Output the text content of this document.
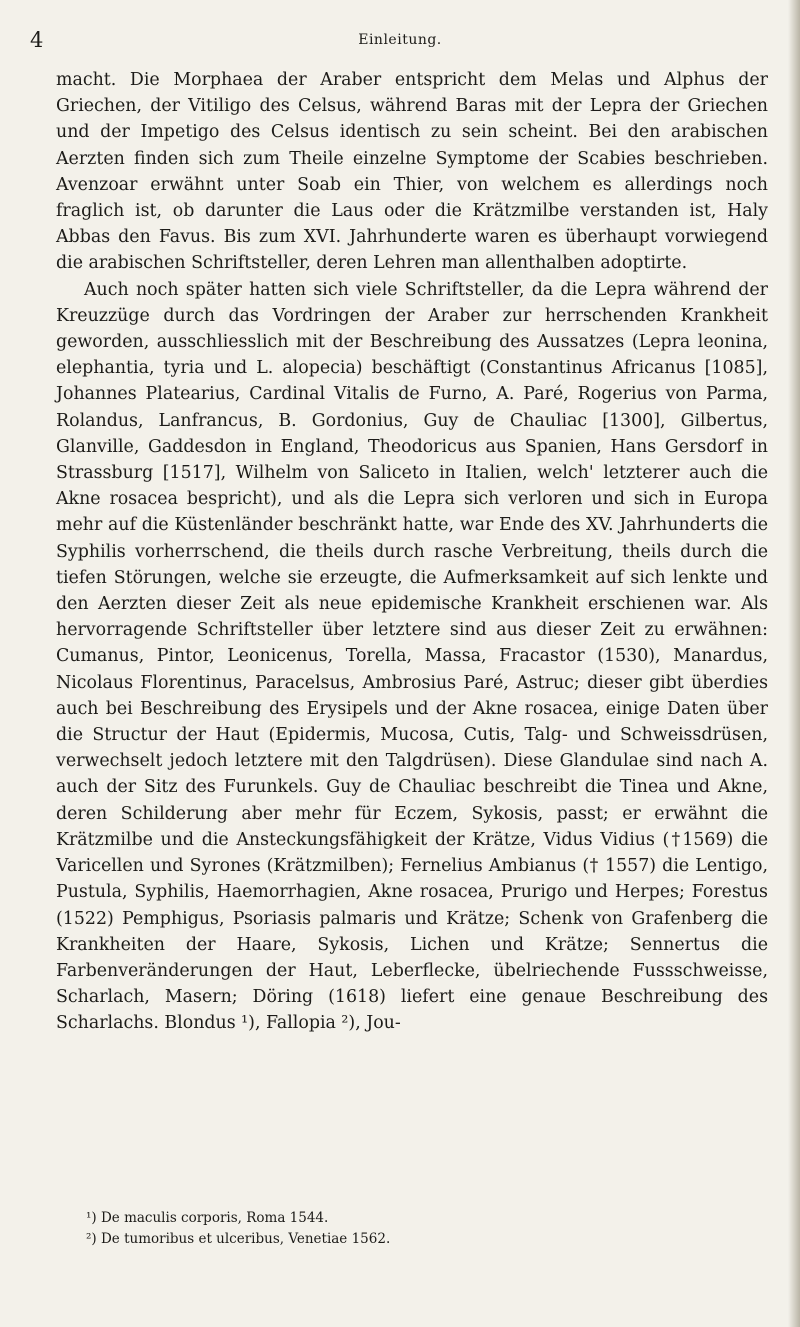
4	Einleitung.

macht. Die Morphaea der Araber entspricht dem Melas und Alphus der Griechen, der Vitiligo des Celsus, während Baras mit der Lepra der Griechen und der Impetigo des Celsus identisch zu sein scheint. Bei den arabischen Aerzten finden sich zum Theile einzelne Symptome der Scabies beschrieben. Avenzoar erwähnt unter Soab ein Thier, von welchem es allerdings noch fraglich ist, ob darunter die Laus oder die Krätzmilbe verstanden ist, Haly Abbas den Favus. Bis zum XVI. Jahrhunderte waren es überhaupt vorwiegend die arabischen Schriftsteller, deren Lehren man allenthalben adoptirte.

Auch noch später hatten sich viele Schriftsteller, da die Lepra während der Kreuzzüge durch das Vordringen der Araber zur herrschenden Krankheit geworden, ausschliesslich mit der Beschreibung des Aussatzes (Lepra leonina, elephantia, tyria und L. alopecia) beschäftigt (Constantinus Africanus [1085], Johannes Platearius, Cardinal Vitalis de Furno, A. Paré, Rogerius von Parma, Rolandus, Lanfrancus, B. Gordonius, Guy de Chauliac [1300], Gilbertus, Glanville, Gaddesdon in England, Theodoricus aus Spanien, Hans Gersdorf in Strassburg [1517], Wilhelm von Saliceto in Italien, welch' letzterer auch die Akne rosacea bespricht), und als die Lepra sich verloren und sich in Europa mehr auf die Küstenländer beschränkt hatte, war Ende des XV. Jahrhunderts die Syphilis vorherrschend, die theils durch rasche Verbreitung, theils durch die tiefen Störungen, welche sie erzeugte, die Aufmerksamkeit auf sich lenkte und den Aerzten dieser Zeit als neue epidemische Krankheit erschienen war. Als hervorragende Schriftsteller über letztere sind aus dieser Zeit zu erwähnen: Cumanus, Pintor, Leonicenus, Torella, Massa, Fracastor (1530), Manardus, Nicolaus Florentinus, Paracelsus, Ambrosius Paré, Astruc; dieser gibt überdies auch bei Beschreibung des Erysipels und der Akne rosacea, einige Daten über die Structur der Haut (Epidermis, Mucosa, Cutis, Talg- und Schweissdrüsen, verwechselt jedoch letztere mit den Talgdrüsen). Diese Glandulae sind nach A. auch der Sitz des Furunkels. Guy de Chauliac beschreibt die Tinea und Akne, deren Schilderung aber mehr für Eczem, Sykosis, passt; er erwähnt die Krätzmilbe und die Ansteckungsfähigkeit der Krätze, Vidus Vidius (†1569) die Varicellen und Syrones (Krätzmilben); Fernelius Ambianus († 1557) die Lentigo, Pustula, Syphilis, Haemorrhagien, Akne rosacea, Prurigo und Herpes; Forestus (1522) Pemphigus, Psoriasis palmaris und Krätze; Schenk von Grafenberg die Krankheiten der Haare, Sykosis, Lichen und Krätze; Sennertus die Farbenveränderungen der Haut, Leberflecke, übelriechende Fussschweisse, Scharlach, Masern; Döring (1618) liefert eine genaue Beschreibung des Scharlachs. Blondus ¹), Fallopia ²), Jou-

¹) De maculis corporis, Roma 1544.
²) De tumoribus et ulceribus, Venetiae 1562.
